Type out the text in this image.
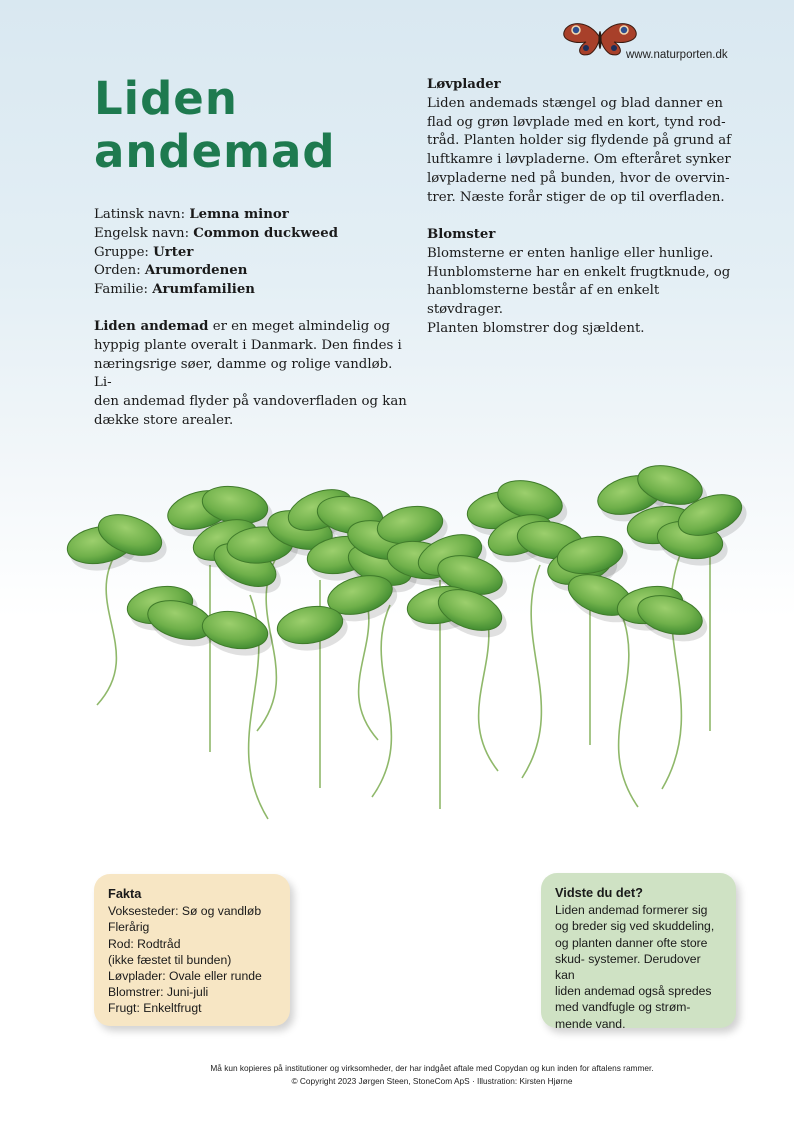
www.naturporten.dk
Liden
andemad
Latinsk navn: Lemna minor
Engelsk navn: Common duckweed
Gruppe: Urter
Orden: Arumordenen
Familie: Arumfamilien
Liden andemad er en meget almindelig og
hyppig plante overalt i Danmark. Den findes i
næringsrige søer, damme og rolige vandløb. Li-
den andemad flyder på vandoverfladen og kan
dække store arealer.
Løvplader
Liden andemads stængel og blad danner en
flad og grøn løvplade med en kort, tynd rod-
tråd. Planten holder sig flydende på grund af
luftkamre i løvpladerne. Om efteråret synker
løvpladerne ned på bunden, hvor de overvin-
trer. Næste forår stiger de op til overfladen.
Blomster
Blomsterne er enten hanlige eller hunlige.
Hunblomsterne har en enkelt frugtknude, og
hanblomsterne består af en enkelt støvdrager.
Planten blomstrer dog sjældent.
Fakta
Voksesteder: Sø og vandløb
Flerårig
Rod: Rodtråd
(ikke fæstet til bunden)
Løvplader: Ovale eller runde
Blomstrer: Juni-juli
Frugt: Enkeltfrugt
Vidste du det?
Liden andemad formerer sig
og breder sig ved skuddeling,
og planten danner ofte store
skud- systemer. Derudover kan
liden andemad også spredes
med vandfugle og strøm-
mende vand.
Må kun kopieres på institutioner og virksomheder, der har indgået aftale med Copydan og kun inden for aftalens rammer.
© Copyright 2023 Jørgen Steen, StoneCom ApS · Illustration: Kirsten Hjørne
